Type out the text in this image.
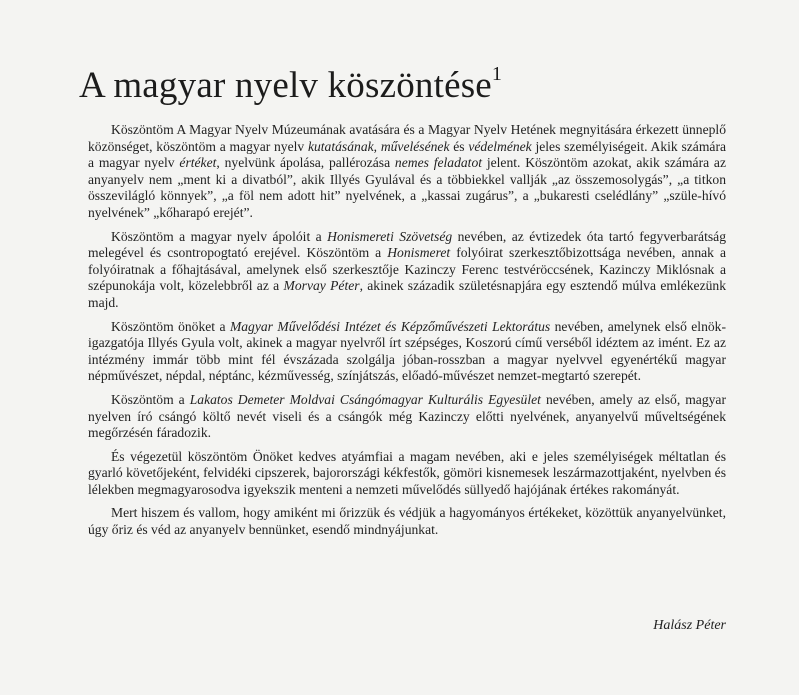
A magyar nyelv köszöntése$^1$

Köszöntöm A Magyar Nyelv Múzeumának avatására és a Magyar Nyelv Hetének megnyitására érkezett ünneplő közönséget, köszöntöm a magyar nyelv kutatásának, művelésének és védelmének jeles személyiségeit. Akik számára a magyar nyelv értéket, nyelvünk ápolása, pallérozása nemes feladatot jelent. Köszöntöm azokat, akik számára az anyanyelv nem „ment ki a divatból”, akik Illyés Gyulával és a többiekkel vallják „az összemosolygás”, „a titkon összevilágló könnyek”, „a föl nem adott hit” nyelvének, a „kassai zugárus”, a „bukaresti cselédlány” „szüle-hívó nyelvének” „kőharapó erejét”.

Köszöntöm a magyar nyelv ápolóit a Honismereti Szövetség nevében, az évtizedek óta tartó fegyverbarátság melegével és csontropogtató erejével. Köszöntöm a Honismeret folyóirat szerkesztőbizottsága nevében, annak a folyóiratnak a főhajtásával, amelynek első szerkesztője Kazinczy Ferenc testvéröccsének, Kazinczy Miklósnak a szépunokája volt, közelebbről az a Morvay Péter, akinek századik születésnapjára egy esztendő múlva emlékezünk majd.

Köszöntöm önöket a Magyar Művelődési Intézet és Képzőművészeti Lektorátus nevében, amelynek első elnök-igazgatója Illyés Gyula volt, akinek a magyar nyelvről írt szépséges, Koszorú című verséből idéztem az imént. Ez az intézmény immár több mint fél évszázada szolgálja jóban-rosszban a magyar nyelvvel egyenértékű magyar népművészet, népdal, néptánc, kézművesség, színjátszás, előadó-művészet nemzet-megtartó szerepét.

Köszöntöm a Lakatos Demeter Moldvai Csángómagyar Kulturális Egyesület nevében, amely az első, magyar nyelven író csángó költő nevét viseli és a csángók még Kazinczy előtti nyelvének, anyanyelvű műveltségének megőrzésén fáradozik.

És végezetül köszöntöm Önöket kedves atyámfiai a magam nevében, aki e jeles személyiségek méltatlan és gyarló követőjeként, felvidéki cipszerek, bajorországi kékfestők, gömöri kisnemesek leszármazottjaként, nyelvben és lélekben megmagyarosodva igyekszik menteni a nemzeti művelődés süllyedő hajójának értékes rakományát.

Mert hiszem és vallom, hogy amiként mi őrizzük és védjük a hagyományos értékeket, közöttük anyanyelvünket, úgy őriz és véd az anyanyelv bennünket, esendő mindnyájunkat.

Halász Péter
